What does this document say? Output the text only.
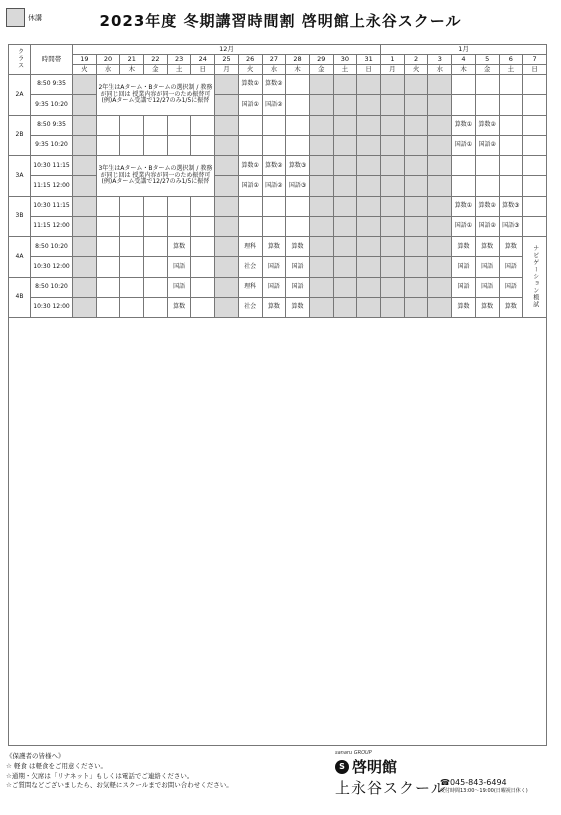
休講	2023年度 冬期講習時間割 啓明館上永谷スクール
クラス	時間帯	12月													1月						
		19	20	21	22	23	24	25	26	27	28	29	30	31	1	2	3	4	5	6	7
		火	水	木	金	土	日	月	火	水	木	金	土	日	月	火	水	木	金	土	日
2A	8:50 9:35		2年生はAターム・Bタームの選択制 / 教務が同じ回は 授業内容が同一のため振替可 (例)Aターム受講で12/27のみ1/5に振替						算数①	算数②											
	9:35 10:20								国語①	国語②											
2B	8:50 9:35																	算数①	算数②		
	9:35 10:20																	国語①	国語②		
3A	10:30 11:15		3年生はAターム・Bタームの選択制 / 教務が同じ回は 授業内容が同一のため振替可 (例)Aターム受講で12/27のみ1/5に振替						算数①	算数②	算数③										
	11:15 12:00								国語①	国語②	国語③										
3B	10:30 11:15																	算数①	算数②	算数③	
	11:15 12:00																	国語①	国語②	国語③	
4A	8:50 10:20					算数			理科	算数	算数							算数	算数	算数	ナビゲーション模試
	10:30 12:00					国語			社会	国語	国語							国語	国語	国語	
4B	8:50 10:20					国語			理科	国語	国語							国語	国語	国語	
	10:30 12:00					算数			社会	算数	算数							算数	算数	算数	

《保護者の皆様へ》
☆ 軽食 は軽食をご用意ください。
☆通期・欠席は「リナネット」もしくは電話でご連絡ください。
☆ご質問などございましたら、お気軽にスクールまでお問い合わせください。
sanaru GROUP
S 啓明館
上永谷スクール
☎045-843-6494
受付時間13:00〜19:00(日曜祝日休く)
